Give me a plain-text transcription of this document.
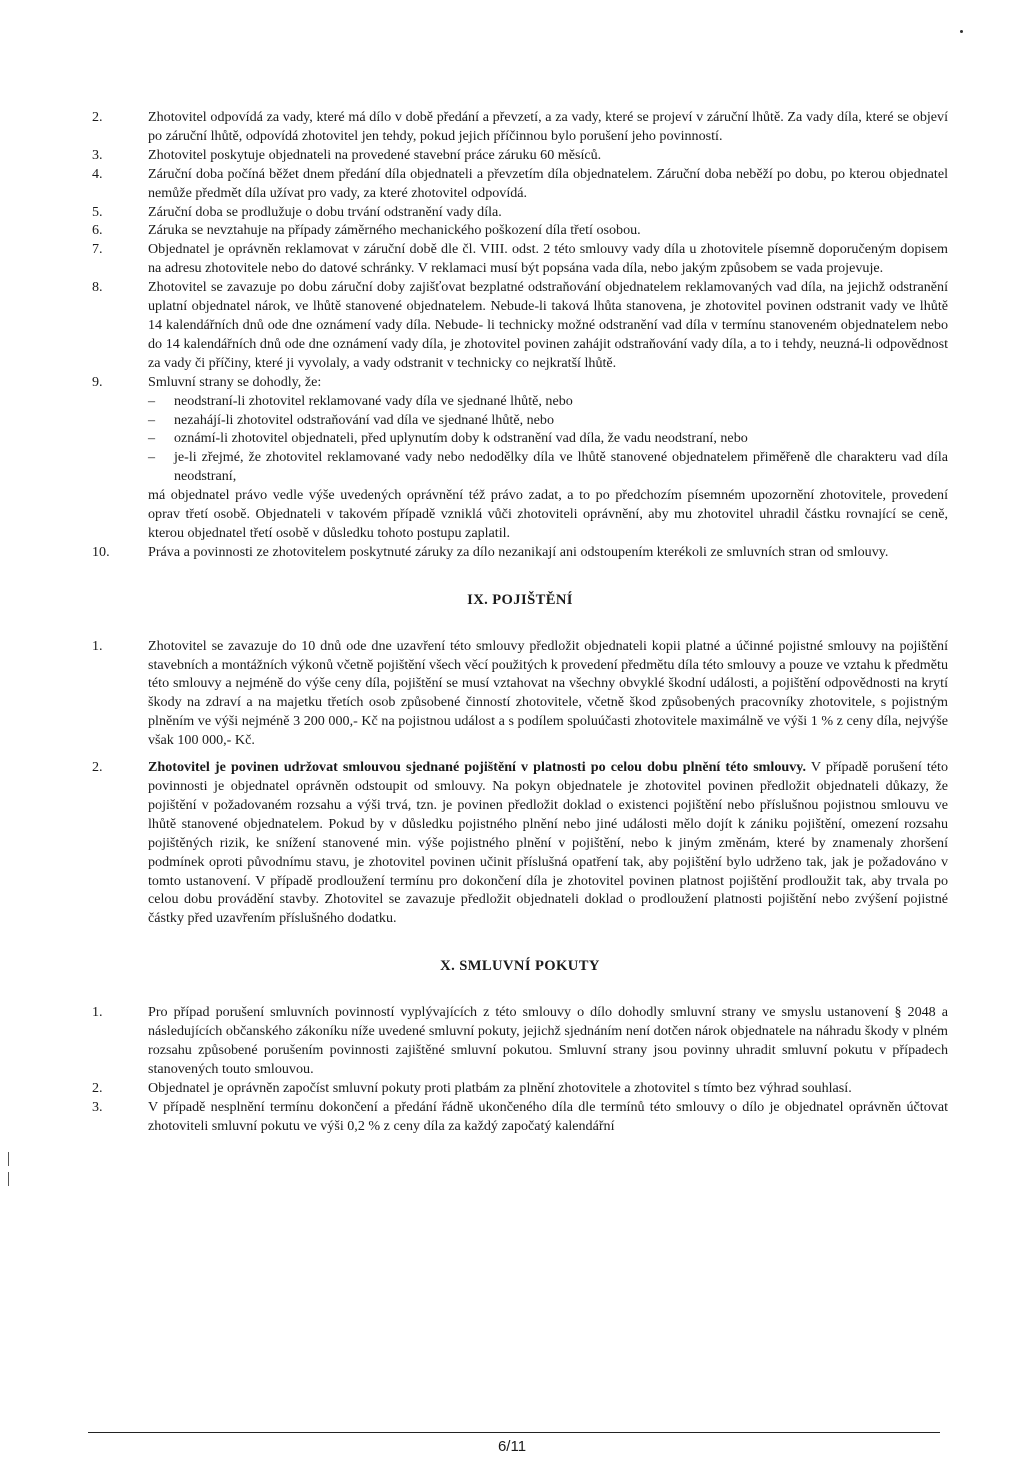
2.	Zhotovitel odpovídá za vady, které má dílo v době předání a převzetí, a za vady, které se projeví v záruční lhůtě. Za vady díla, které se objeví po záruční lhůtě, odpovídá zhotovitel jen tehdy, pokud jejich příčinnou bylo porušení jeho povinností.
3.	Zhotovitel poskytuje objednateli na provedené stavební práce záruku 60 měsíců.
4.	Záruční doba počíná běžet dnem předání díla objednateli a převzetím díla objednatelem. Záruční doba neběží po dobu, po kterou objednatel nemůže předmět díla užívat pro vady, za které zhotovitel odpovídá.
5.	Záruční doba se prodlužuje o dobu trvání odstranění vady díla.
6.	Záruka se nevztahuje na případy záměrného mechanického poškození díla třetí osobou.
7.	Objednatel je oprávněn reklamovat v záruční době dle čl. VIII. odst. 2 této smlouvy vady díla u zhotovitele písemně doporučeným dopisem na adresu zhotovitele nebo do datové schránky. V reklamaci musí být popsána vada díla, nebo jakým způsobem se vada projevuje.
8.	Zhotovitel se zavazuje po dobu záruční doby zajišťovat bezplatné odstraňování objednatelem reklamovaných vad díla, na jejichž odstranění uplatní objednatel nárok, ve lhůtě stanovené objednatelem. Nebude-li taková lhůta stanovena, je zhotovitel povinen odstranit vady ve lhůtě 14 kalendářních dnů ode dne oznámení vady díla. Nebude- li technicky možné odstranění vad díla v termínu stanoveném objednatelem nebo do 14 kalendářních dnů ode dne oznámení vady díla, je zhotovitel povinen zahájit odstraňování vady díla, a to i tehdy, neuzná-li odpovědnost za vady či příčiny, které ji vyvolaly, a vady odstranit v technicky co nejkratší lhůtě.
9.	Smluvní strany se dohodly, že:

–	neodstraní-li zhotovitel reklamované vady díla ve sjednané lhůtě, nebo
–	nezahájí-li zhotovitel odstraňování vad díla ve sjednané lhůtě, nebo
–	oznámí-li zhotovitel objednateli, před uplynutím doby k odstranění vad díla, že vadu neodstraní, nebo
–	je-li zřejmé, že zhotovitel reklamované vady nebo nedodělky díla ve lhůtě stanovené objednatelem přiměřeně dle charakteru vad díla neodstraní,

má objednatel právo vedle výše uvedených oprávnění též právo zadat, a to po předchozím písemném upozornění zhotovitele, provedení oprav třetí osobě. Objednateli v takovém případě vzniklá vůči zhotoviteli oprávnění, aby mu zhotovitel uhradil částku rovnající se ceně, kterou objednatel třetí osobě v důsledku tohoto postupu zaplatil.

10.	Práva a povinnosti ze zhotovitelem poskytnuté záruky za dílo nezanikají ani odstoupením kterékoli ze smluvních stran od smlouvy.
IX. POJIŠTĚNÍ
1.	Zhotovitel se zavazuje do 10 dnů ode dne uzavření této smlouvy předložit objednateli kopii platné a účinné pojistné smlouvy na pojištění stavebních a montážních výkonů včetně pojištění všech věcí použitých k provedení předmětu díla této smlouvy a pouze ve vztahu k předmětu této smlouvy a nejméně do výše ceny díla, pojištění se musí vztahovat na všechny obvyklé škodní události, a pojištění odpovědnosti na krytí škody na zdraví a na majetku třetích osob způsobené činností zhotovitele, včetně škod způsobených pracovníky zhotovitele, s pojistným plněním ve výši nejméně 3 200 000,- Kč na pojistnou událost a s podílem spoluúčasti zhotovitele maximálně ve výši 1 % z ceny díla, nejvýše však 100 000,- Kč.
2.	Zhotovitel je povinen udržovat smlouvou sjednané pojištění v platnosti po celou dobu plnění této smlouvy. V případě porušení této povinnosti je objednatel oprávněn odstoupit od smlouvy. Na pokyn objednatele je zhotovitel povinen předložit objednateli důkazy, že pojištění v požadovaném rozsahu a výši trvá, tzn. je povinen předložit doklad o existenci pojištění nebo příslušnou pojistnou smlouvu ve lhůtě stanovené objednatelem. Pokud by v důsledku pojistného plnění nebo jiné události mělo dojít k zániku pojištění, omezení rozsahu pojištěných rizik, ke snížení stanovené min. výše pojistného plnění v pojištění, nebo k jiným změnám, které by znamenaly zhoršení podmínek oproti původnímu stavu, je zhotovitel povinen učinit příslušná opatření tak, aby pojištění bylo udrženo tak, jak je požadováno v tomto ustanovení. V případě prodloužení termínu pro dokončení díla je zhotovitel povinen platnost pojištění prodloužit tak, aby trvala po celou dobu provádění stavby. Zhotovitel se zavazuje předložit objednateli doklad o prodloužení platnosti pojištění nebo zvýšení pojistné částky před uzavřením příslušného dodatku.
X. SMLUVNÍ POKUTY
1.	Pro případ porušení smluvních povinností vyplývajících z této smlouvy o dílo dohodly smluvní strany ve smyslu ustanovení § 2048 a následujících občanského zákoníku níže uvedené smluvní pokuty, jejichž sjednáním není dotčen nárok objednatele na náhradu škody v plném rozsahu způsobené porušením povinnosti zajištěné smluvní pokutou. Smluvní strany jsou povinny uhradit smluvní pokutu v případech stanovených touto smlouvou.
2.	Objednatel je oprávněn započíst smluvní pokuty proti platbám za plnění zhotovitele a zhotovitel s tímto bez výhrad souhlasí.
3.	V případě nesplnění termínu dokončení a předání řádně ukončeného díla dle termínů této smlouvy o dílo je objednatel oprávněn účtovat zhotoviteli smluvní pokutu ve výši 0,2 % z ceny díla za každý započatý kalendářní
6/11
